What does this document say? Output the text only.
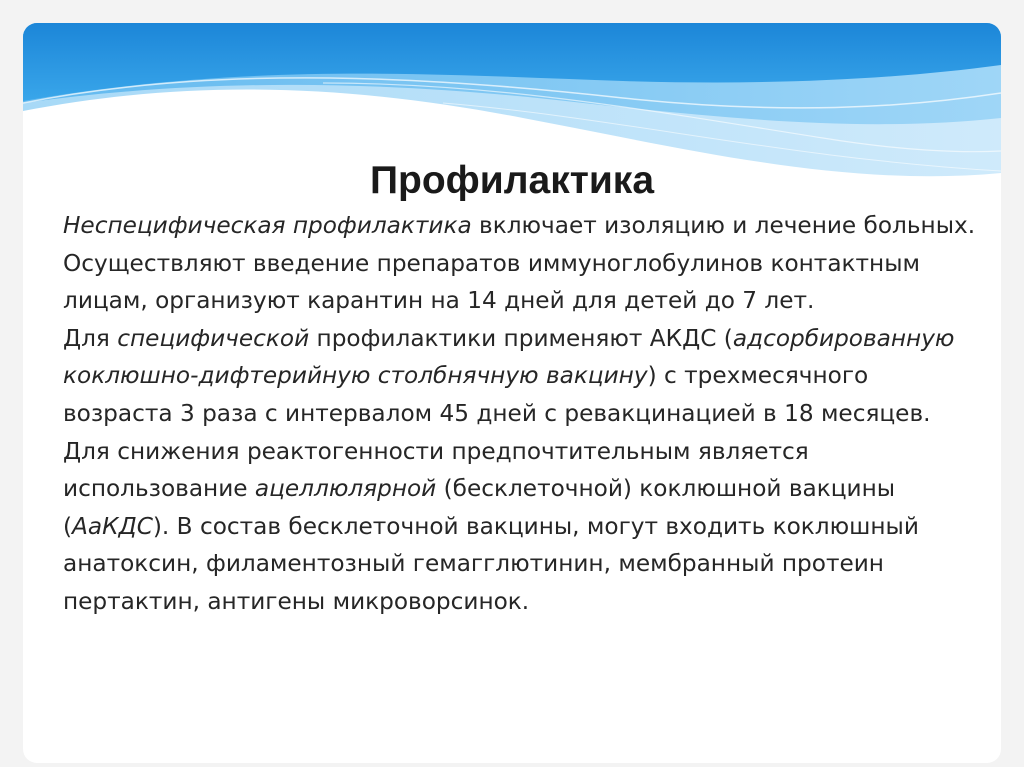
Профилактика

Неспецифическая профилактика включает изоляцию и лечение больных. Осуществляют введение препаратов иммуноглобулинов контактным лицам, организуют карантин на 14 дней для детей до 7 лет.

Для специфической профилактики применяют АКДС (адсорбированную коклюшно-дифтерийную столбнячную вакцину) с трехмесячного возраста 3 раза с интервалом 45 дней с ревакцинацией в 18 месяцев. Для снижения реактогенности предпочтительным является использование ацеллюлярной (бесклеточной) коклюшной вакцины (АаКДС). В состав бесклеточной вакцины, могут входить коклюшный анатоксин, филаментозный гемагглютинин, мембранный протеин пертактин, антигены микроворсинок.
